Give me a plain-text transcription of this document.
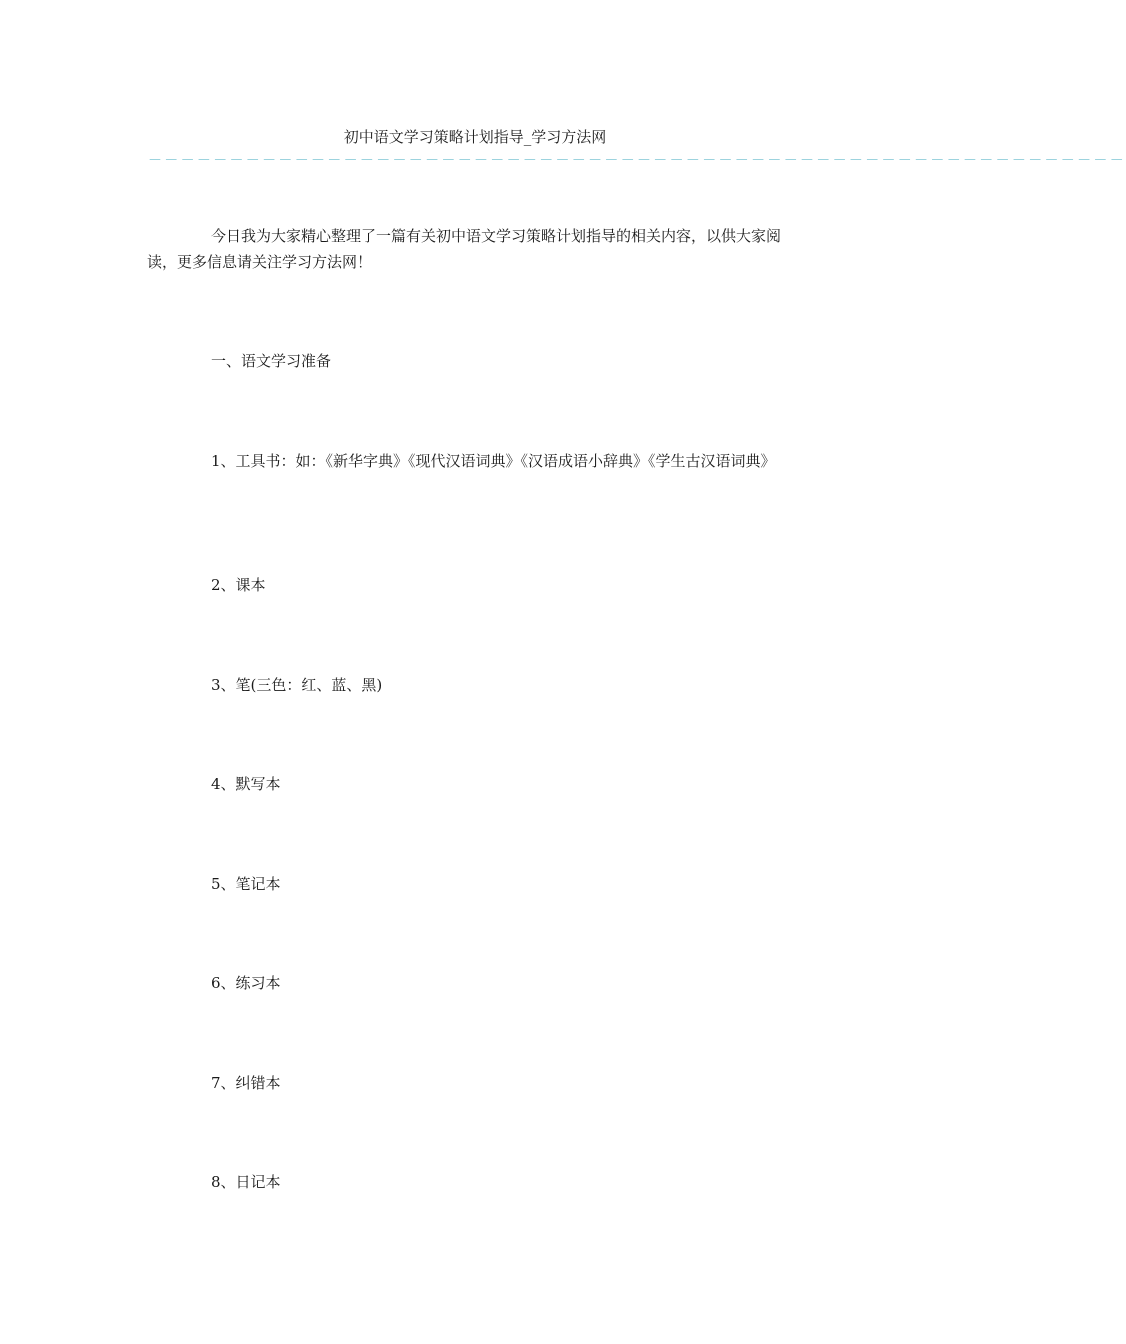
初中语文学习策略计划指导_学习方法网
－－－－－－－－－－－－－－－－－－－－－－－－－－－－－－－－－－－－－－－－－－－－－－－－－－－－－－－－－－－－

今日我为大家精心整理了一篇有关初中语文学习策略计划指导的相关内容，以供大家阅读，更多信息请关注学习方法网！

一、语文学习准备

1、工具书：如：《新华字典》《现代汉语词典》《汉语成语小辞典》《学生古汉语词典》

2、课本

3、笔(三色：红、蓝、黑)

4、默写本

5、笔记本

6、练习本

7、纠错本

8、日记本
